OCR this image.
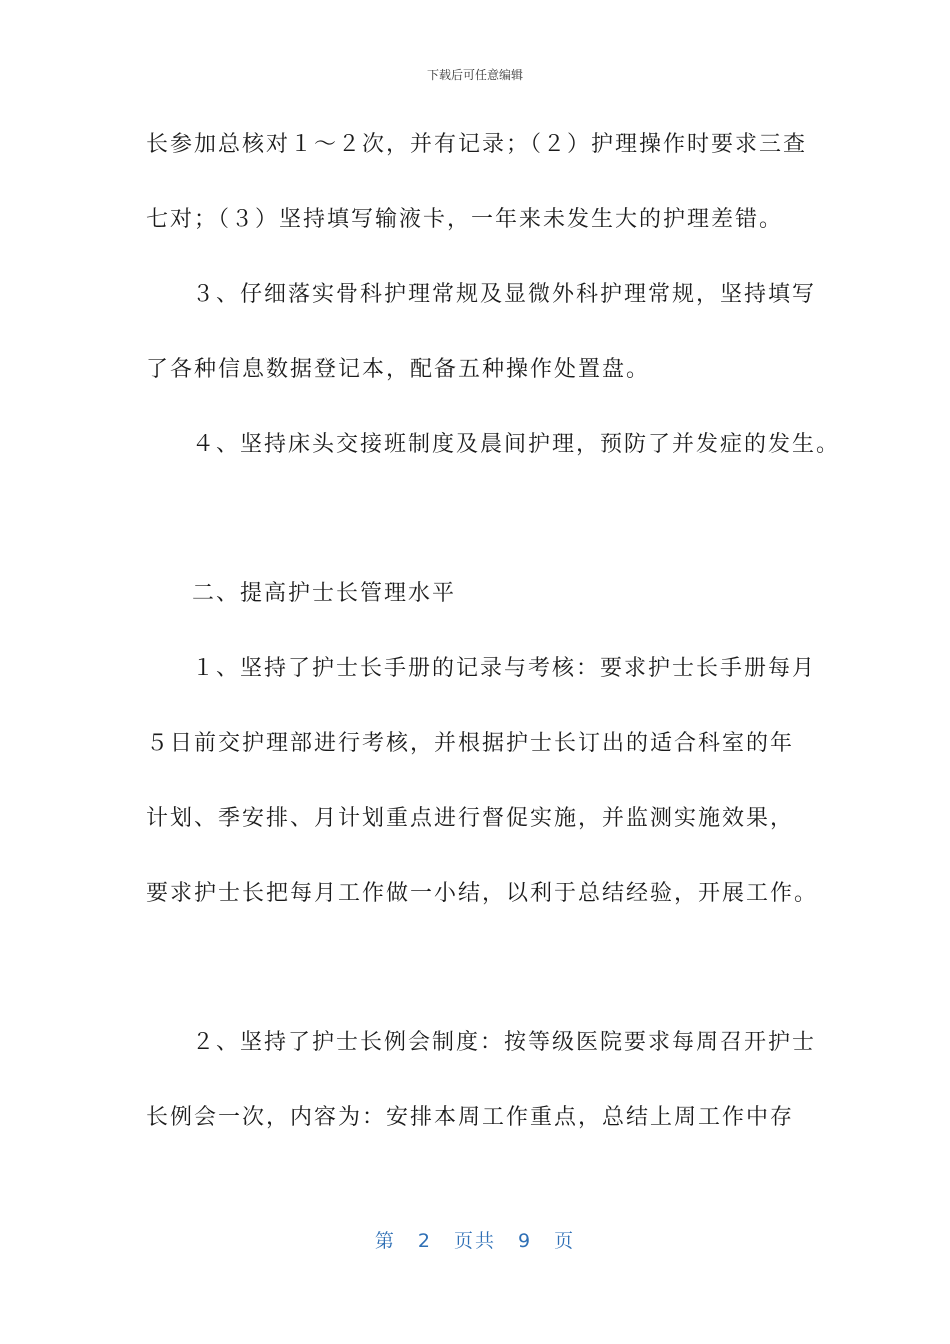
下载后可任意编辑
长参加总核对１～２次，并有记录；（２）护理操作时要求三查
七对；（３）坚持填写输液卡，一年来未发生大的护理差错。
３、仔细落实骨科护理常规及显微外科护理常规，坚持填写
了各种信息数据登记本，配备五种操作处置盘。
４、坚持床头交接班制度及晨间护理，预防了并发症的发生。
二、提高护士长管理水平
１、坚持了护士长手册的记录与考核：要求护士长手册每月
５日前交护理部进行考核，并根据护士长订出的适合科室的年
计划、季安排、月计划重点进行督促实施，并监测实施效果，
要求护士长把每月工作做一小结，以利于总结经验，开展工作。
２、坚持了护士长例会制度：按等级医院要求每周召开护士
长例会一次，内容为：安排本周工作重点，总结上周工作中存
第 2 页共 9 页
